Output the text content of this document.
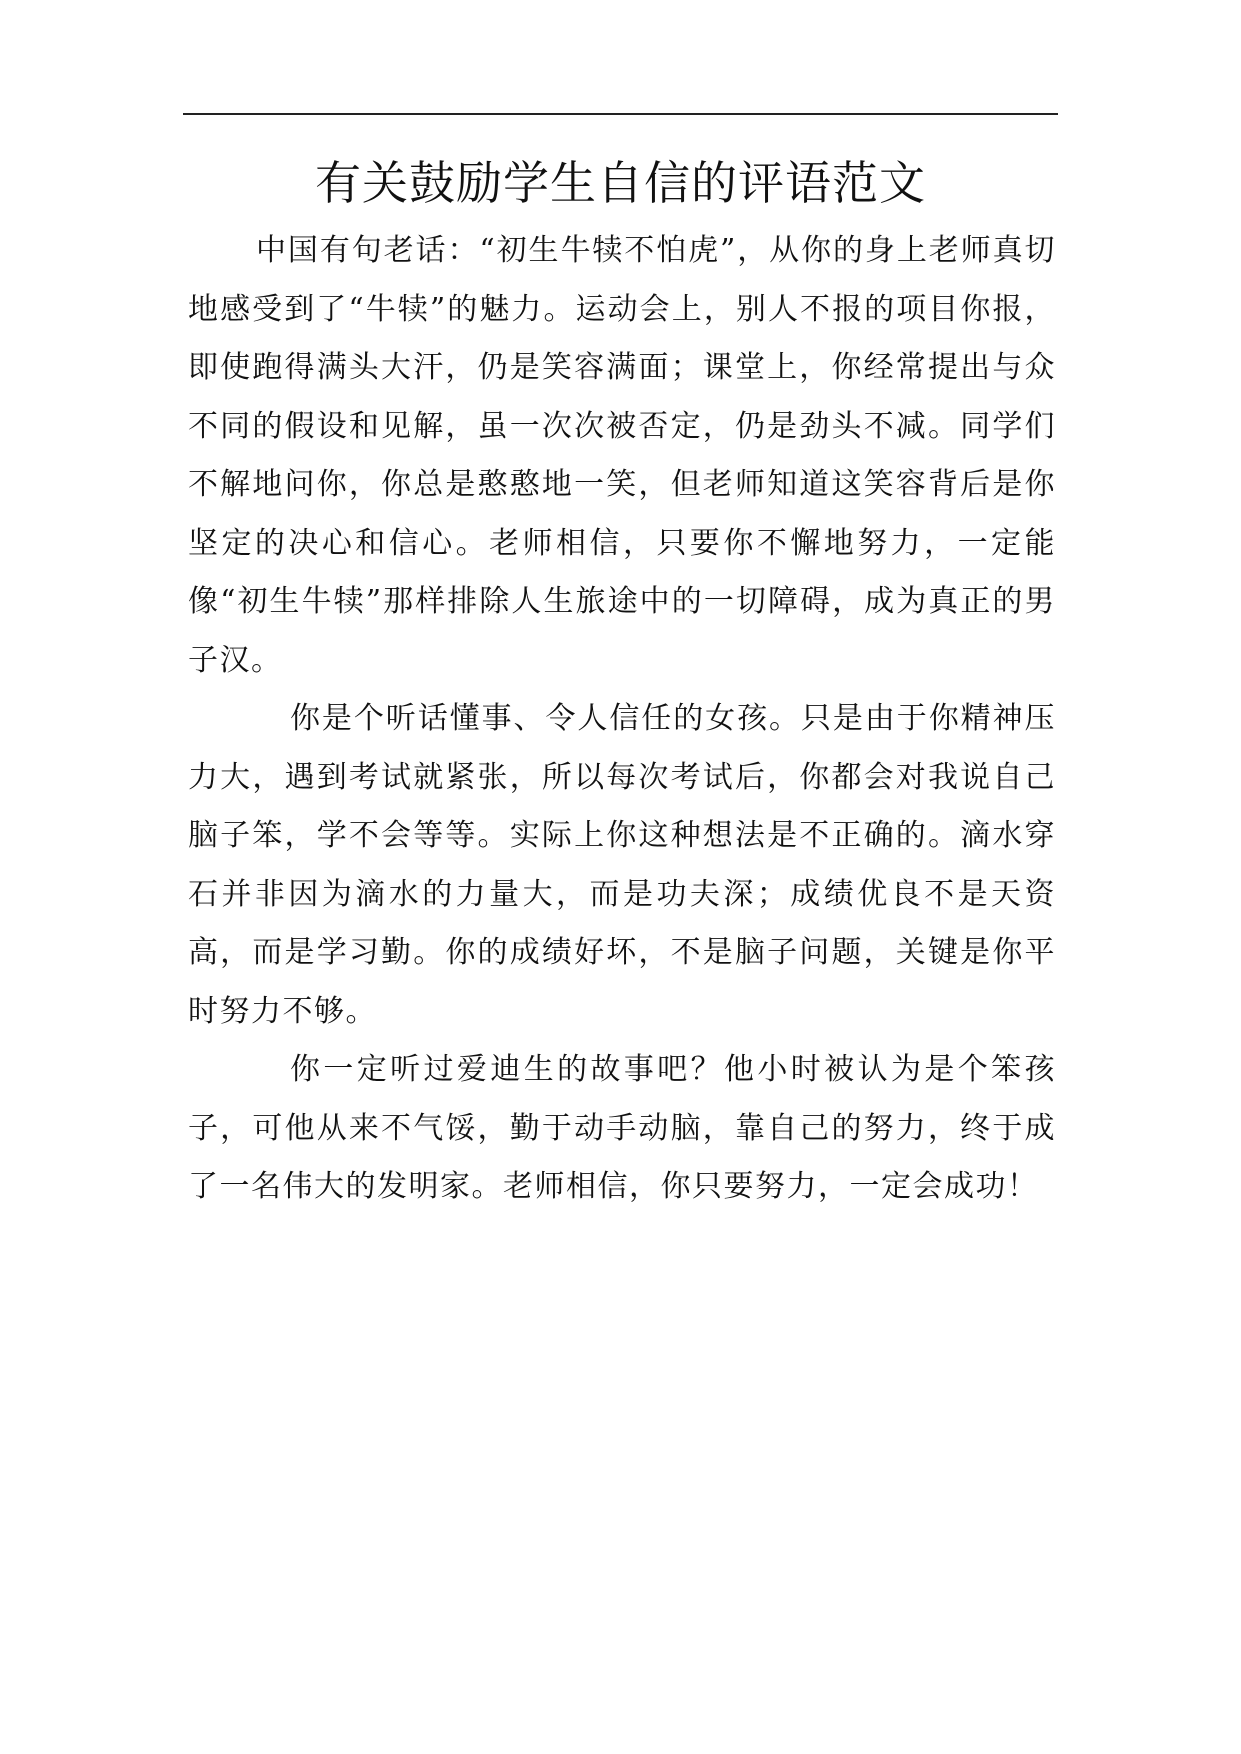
有关鼓励学生自信的评语范文

中国有句老话：“初生牛犊不怕虎”，从你的身上老师真切地感受到了“牛犊”的魅力。运动会上，别人不报的项目你报，即使跑得满头大汗，仍是笑容满面；课堂上，你经常提出与众不同的假设和见解，虽一次次被否定，仍是劲头不减。同学们不解地问你，你总是憨憨地一笑，但老师知道这笑容背后是你坚定的决心和信心。老师相信，只要你不懈地努力，一定能像“初生牛犊”那样排除人生旅途中的一切障碍，成为真正的男子汉。

你是个听话懂事、令人信任的女孩。只是由于你精神压力大，遇到考试就紧张，所以每次考试后，你都会对我说自己脑子笨，学不会等等。实际上你这种想法是不正确的。滴水穿石并非因为滴水的力量大，而是功夫深；成绩优良不是天资高，而是学习勤。你的成绩好坏，不是脑子问题，关键是你平时努力不够。

你一定听过爱迪生的故事吧？他小时被认为是个笨孩子，可他从来不气馁，勤于动手动脑，靠自己的努力，终于成了一名伟大的发明家。老师相信，你只要努力，一定会成功！
